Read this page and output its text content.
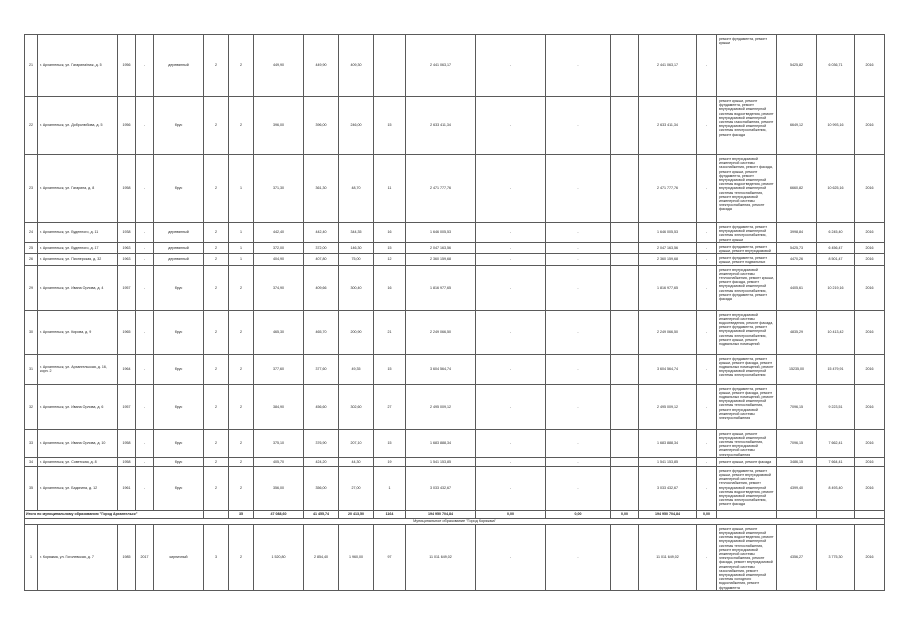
-
21	г. Архангельск, ул. Гагарина/ниж, д. 5	1956	-	деревянный	2	2	449,90	449,90	409,30		2 441 063,17	-	-		2 441 063,17	-	ремонт фундамента, ремонт крыши	5425,82	6 036,71	2016
22	г. Архангельск, ул. Добролюбова, д. 5	1956	-	брус	2	2	396,00	396,00	246,00	15	2 633 411,34	-	-		2 633 411,34	-	ремонт крыши, ремонт фундамента, ремонт внутридомовой инженерной системы водоотведения, ремонт внутридомовой инженерной системы газоснабжения, ремонт внутридомовой инженерной системы электроснабжения, ремонт фасада	6649,12	10 993,16	2016
23	г. Архангельск, ул. Гагарина, д. 8	1958	-	брус	2	1	371,30	361,30	48,70	11	2 471 777,76	-	-		2 471 777,76	-	ремонт внутридомовой инженерной системы газоснабжения, ремонт фасада, ремонт крыши, ремонт фундамента, ремонт внутридомовой инженерной системы водоотведения, ремонт внутридомовой инженерной системы теплоснабжения, ремонт внутридомовой инженерной системы электроснабжения, ремонт фасада	6660,82	10 625,16	2016
24	г. Архангельск, ул. Буденного, д. 11	1938	-	деревянный	2	1	442,40	442,40	344,35	16	1 646 005,53	-	-		1 646 005,53	-	ремонт фундамента, ремонт внутридомовой инженерной системы электроснабжения, ремонт крыши	3998,84	6 245,40	2016
25	г. Архангельск, ул. Буденного, д. 17	1963	-	деревянный	2	1	372,00	372,00	146,30	15	2 047 163,56	-	-		2 047 163,56	-	ремонт фундамента, ремонт крыши, ремонт внутридомовой	5425,73	6 456,47	2016
26	г. Архангельск, ул. Пионерская, д. 32	1963	-	деревянный	2	1	404,90	407,80	75,00	12	2 360 159,68	-	-		2 360 159,68	-	ремонт фундамента, ремонт крыши, ремонт подвальных	4470,26	8 501,47	2016
29	г. Архангельск, ул. Ивана Орлова, д. 4	1957	-	брус	2	2	374,90	409,66	300,40	16	1 816 977,65	-	-		1 816 977,65	-	ремонт внутридомовой инженерной системы теплоснабжения, ремонт крыши, ремонт фасада, ремонт внутридомовой инженерной системы электроснабжения, ремонт фундамента, ремонт фасада	4405,61	10 219,16	2016
30	г. Архангельск, ул. Кирова, д. 9	1965	-	брус	2	2	465,30	465,70	200,90	21	2 249 066,50	-	-		2 249 066,50	-	ремонт внутридомовой инженерной системы водоотведения, ремонт фасада, ремонт фундамента, ремонт внутридомовой инженерной системы электроснабжения, ремонт крыши, ремонт подвальных помещений	4835,29	10 413,42	2016
31	г. Архангельск, ул. Архангельская, д. 16, корп. 2	1964	-	брус	2	2	377,60	377,60	49,35	15	3 604 564,74	-	-		3 604 564,74	-	ремонт фундамента, ремонт крыши, ремонт фасада, ремонт подвальных помещений, ремонт внутридомовой инженерной системы электроснабжения	15235,00	15 479,91	2016
32	г. Архангельск, ул. Ивана Орлова, д. 6	1957	-	брус	2	2	384,90	456,60	302,60	27	2 495 009,12	-	-		2 495 009,12	-	ремонт фундамента, ремонт крыши, ремонт фасада, ремонт подвальных помещений, ремонт внутридомовой инженерной системы теплоснабжения, ремонт внутридомовой инженерной системы электроснабжения	7096,15	9 223,51	2016
33	г. Архангельск, ул. Ивана Орлова, д. 10	1958	-	брус	2	2	375,10	376,90	207,10	15	1 683 888,34	-	-		1 683 888,34	-	ремонт крыши, ремонт внутридомовой инженерной системы теплоснабжения, ремонт внутридомовой инженерной системы электроснабжения	7096,15	7 662,41	2016
34	г. Архангельск, ул. Советская, д. 8	1958	-	брус	2	2	405,70	424,20	44,30	19	1 541 153,85	-	-		1 541 153,85	-	ремонт крыши, ремонт фасада	3486,15	7 664,41	2016
35	г. Архангельск, ул. Бадигина, д. 12	1961	-	брус	2	2	356,00	356,00	27,00	1	3 033 432,67	-	-		3 033 432,67	-	ремонт фундамента, ремонт крыши, ремонт внутридомовой инженерной системы теплоснабжения, ремонт внутридомовой инженерной системы водоотведения, ремонт внутридомовой инженерной системы электроснабжения, ремонт фасада	4399,40	8 493,40	2016
Итого по муниципальному образованию "Город Архангельск"						35	47 088,60	41 455,74	20 413,50	1164	194 950 704,84	0,00	0,00	0,00	194 950 704,84	0,00				
Муниципальное образование "Город Коряжма"																				
1	г. Коряжма, ул. Гоголевская, д. 7	1985	2017	кирпичный	3	2	1 520,80	2 854,40	1 960,00	97	11 011 649,02	-	-		11 011 649,02	-	ремонт крыши, ремонт внутридомовой инженерной системы водоотведения, ремонт внутридомовой инженерной системы теплоснабжения, ремонт внутридомовой инженерной системы электроснабжения, ремонт фасада, ремонт внутридомовой инженерной системы газоснабжения, ремонт внутридомовой инженерной системы холодного водоснабжения, ремонт фундамента	4356,27	3 775,30	2016
